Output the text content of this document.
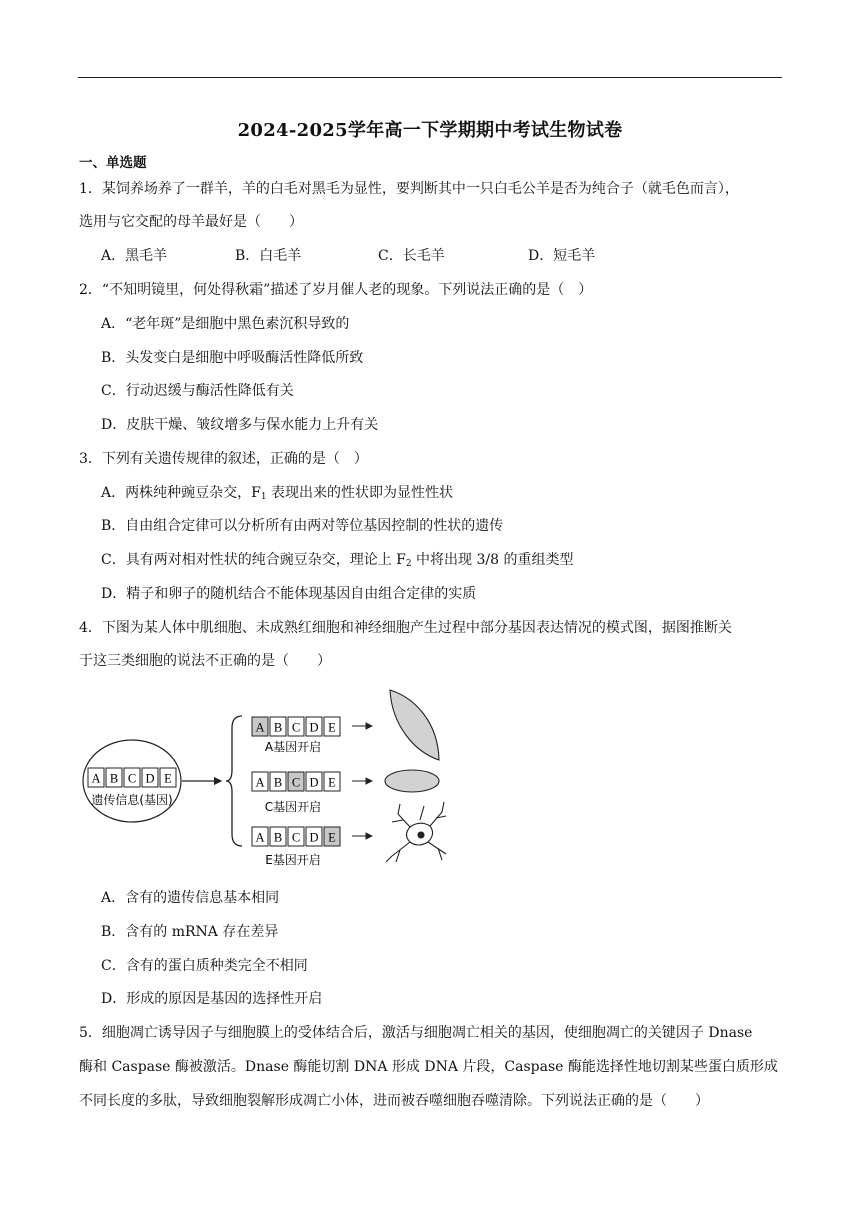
2024-2025学年高一下学期期中考试生物试卷
一、单选题
1．某饲养场养了一群羊，羊的白毛对黑毛为显性，要判断其中一只白毛公羊是否为纯合子（就毛色而言），
选用与它交配的母羊最好是（　　）
A．黑毛羊	B．白毛羊	C．长毛羊	D．短毛羊
2．“不知明镜里，何处得秋霜”描述了岁月催人老的现象。下列说法正确的是（　）
A．“老年斑”是细胞中黑色素沉积导致的
B．头发变白是细胞中呼吸酶活性降低所致
C．行动迟缓与酶活性降低有关
D．皮肤干燥、皱纹增多与保水能力上升有关
3．下列有关遗传规律的叙述，正确的是（　）
A．两株纯种豌豆杂交，$F_1$ 表现出来的性状即为显性性状
B．自由组合定律可以分析所有由两对等位基因控制的性状的遗传
C．具有两对相对性状的纯合豌豆杂交，理论上 $F_2$ 中将出现 3/8 的重组类型
D．精子和卵子的随机结合不能体现基因自由组合定律的实质
4．下图为某人体中肌细胞、未成熟红细胞和神经细胞产生过程中部分基因表达情况的模式图，据图推断关
于这三类细胞的说法不正确的是（　　）
A B C D E
遗传信息(基因)
A B C D E
A B C D E
A B C D E
A基因开启
C基因开启
E基因开启
A．含有的遗传信息基本相同
B．含有的 mRNA 存在差异
C．含有的蛋白质种类完全不相同
D．形成的原因是基因的选择性开启
5．细胞凋亡诱导因子与细胞膜上的受体结合后，激活与细胞凋亡相关的基因，使细胞凋亡的关键因子 Dnase
酶和 Caspase 酶被激活。Dnase 酶能切割 DNA 形成 DNA 片段，Caspase 酶能选择性地切割某些蛋白质形成
不同长度的多肽，导致细胞裂解形成凋亡小体，进而被吞噬细胞吞噬清除。下列说法正确的是（　　）
